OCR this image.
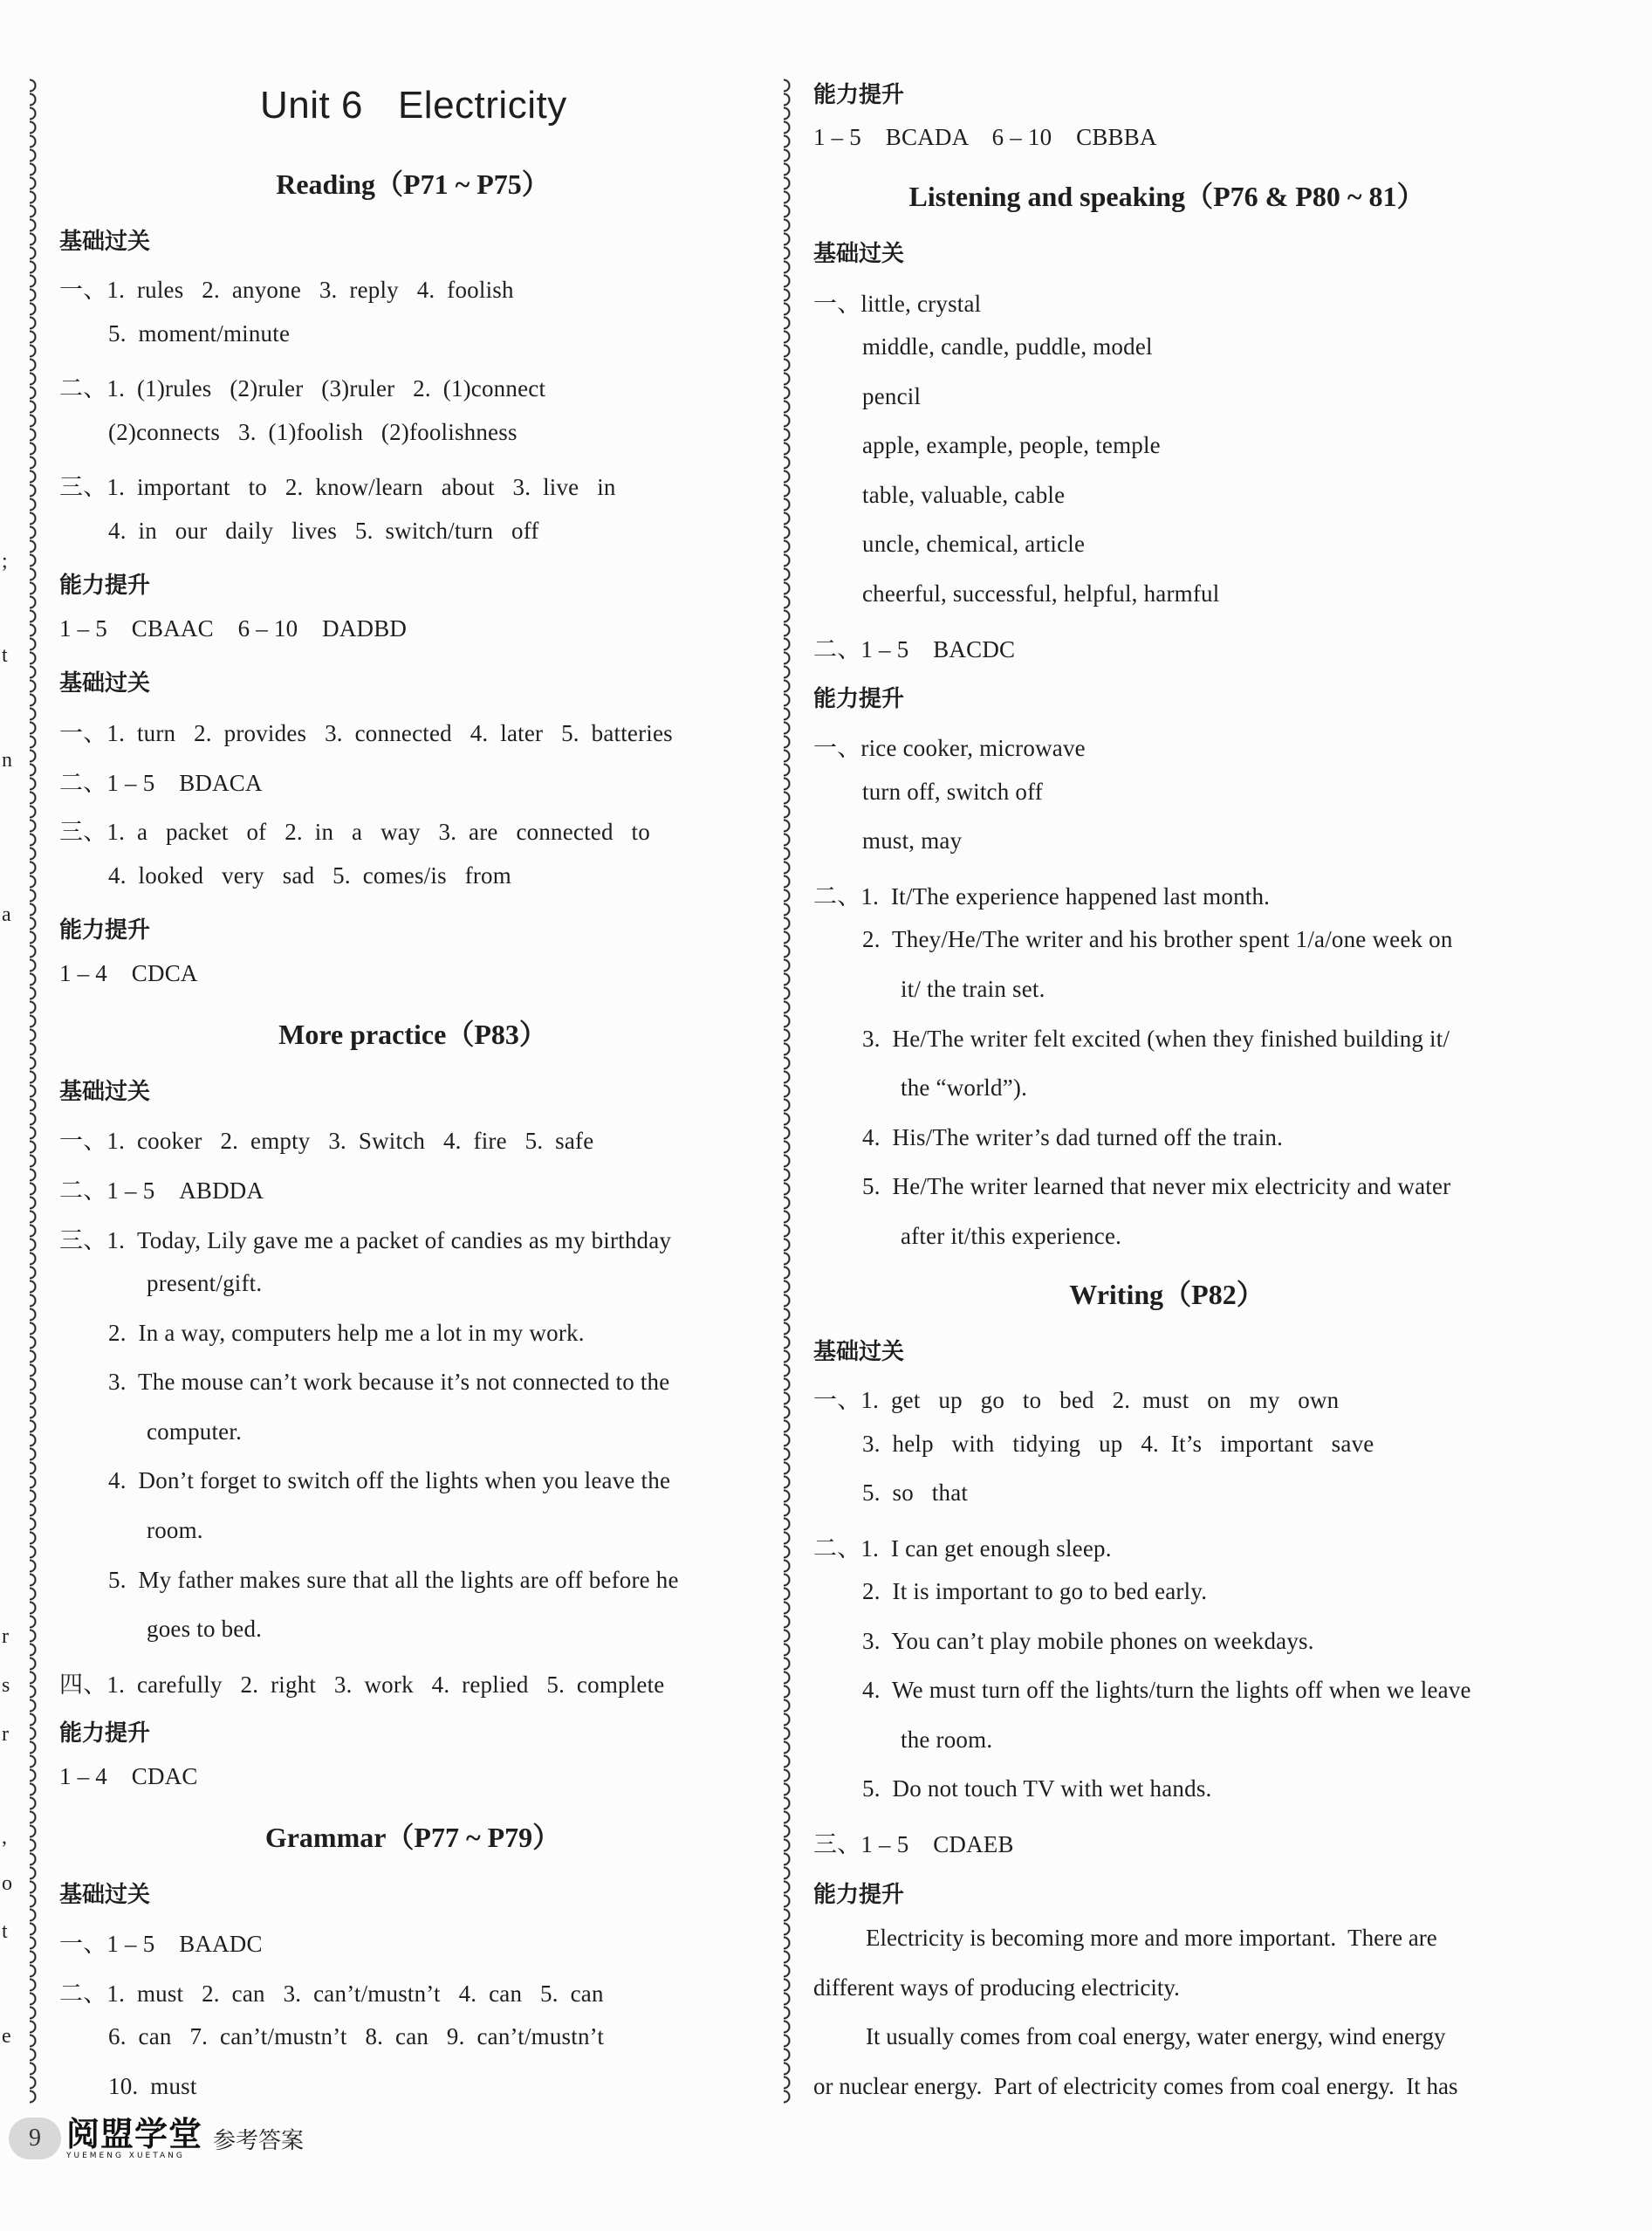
;
t
n
a
r
s
r
,
o
t
e
Unit 6 Electricity
Reading（P71 ~ P75）
基础过关
一、1.  rules   2.  anyone   3.  reply   4.  foolish
5.  moment/minute
二、1.  (1)rules   (2)ruler   (3)ruler   2.  (1)connect
(2)connects   3.  (1)foolish   (2)foolishness
三、1.  important   to   2.  know/learn   about   3.  live   in
4.  in   our   daily   lives   5.  switch/turn   off
能力提升
1 – 5    CBAAC    6 – 10    DADBD
基础过关
一、1.  turn   2.  provides   3.  connected   4.  later   5.  batteries
二、1 – 5    BDACA
三、1.  a   packet   of   2.  in   a   way   3.  are   connected   to
4.  looked   very   sad   5.  comes/is   from
能力提升
1 – 4    CDCA
More practice（P83）
基础过关
一、1.  cooker   2.  empty   3.  Switch   4.  fire   5.  safe
二、1 – 5    ABDDA
三、1.  Today, Lily gave me a packet of candies as my birthday
present/gift.
2.  In a way, computers help me a lot in my work.
3.  The mouse can’t work because it’s not connected to the
computer.
4.  Don’t forget to switch off the lights when you leave the
room.
5.  My father makes sure that all the lights are off before he
goes to bed.
四、1.  carefully   2.  right   3.  work   4.  replied   5.  complete
能力提升
1 – 4    CDAC
Grammar（P77 ~ P79）
基础过关
一、1 – 5    BAADC
二、1.  must   2.  can   3.  can’t/mustn’t   4.  can   5.  can
6.  can   7.  can’t/mustn’t   8.  can   9.  can’t/mustn’t
10.  must
能力提升
1 – 5    BCADA    6 – 10    CBBBA
Listening and speaking（P76 & P80 ~ 81）
基础过关
一、little, crystal
middle, candle, puddle, model
pencil
apple, example, people, temple
table, valuable, cable
uncle, chemical, article
cheerful, successful, helpful, harmful
二、1 – 5    BACDC
能力提升
一、rice cooker, microwave
turn off, switch off
must, may
二、1.  It/The experience happened last month.
2.  They/He/The writer and his brother spent 1/a/one week on
it/ the train set.
3.  He/The writer felt excited (when they finished building it/
the “world”).
4.  His/The writer’s dad turned off the train.
5.  He/The writer learned that never mix electricity and water
after it/this experience.
Writing（P82）
基础过关
一、1.  get   up   go   to   bed   2.  must   on   my   own
3.  help   with   tidying   up   4.  It’s   important   save
5.  so   that
二、1.  I can get enough sleep.
2.  It is important to go to bed early.
3.  You can’t play mobile phones on weekdays.
4.  We must turn off the lights/turn the lights off when we leave
the room.
5.  Do not touch TV with wet hands.
三、1 – 5    CDAEB
能力提升
Electricity is becoming more and more important.  There are
different ways of producing electricity.
It usually comes from coal energy, water energy, wind energy
or nuclear energy.  Part of electricity comes from coal energy.  It has
9 阅盟学堂
YUEMENG XUETANG
参考答案
